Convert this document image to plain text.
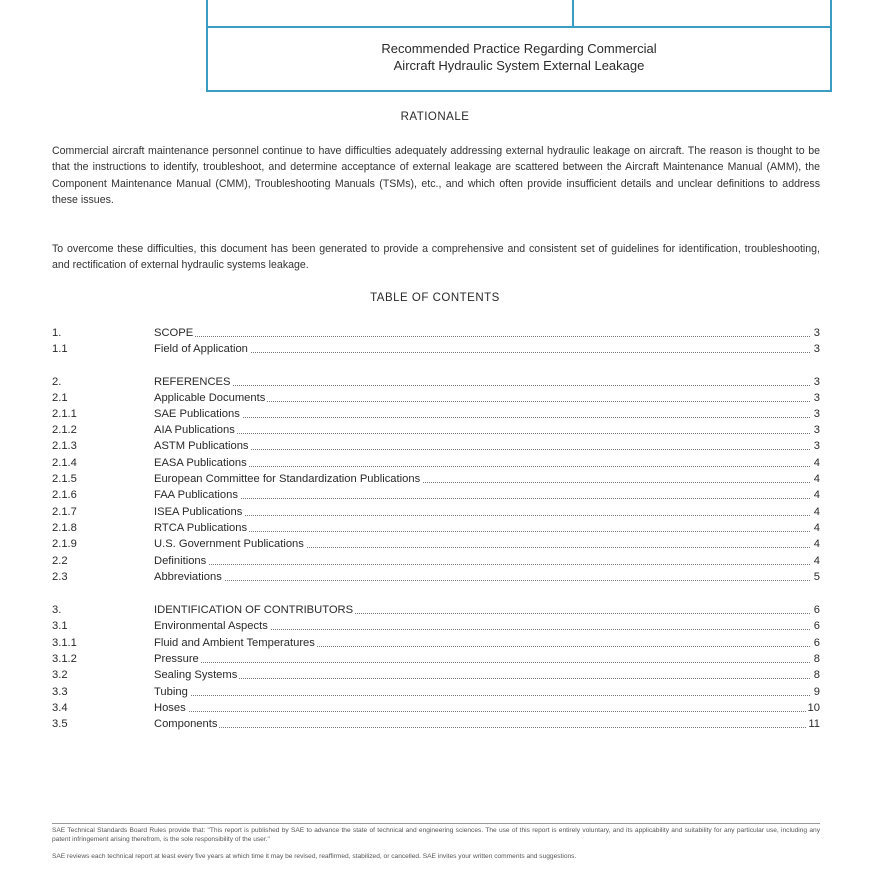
Recommended Practice Regarding Commercial
Aircraft Hydraulic System External Leakage
RATIONALE
Commercial aircraft maintenance personnel continue to have difficulties adequately addressing external hydraulic leakage on aircraft. The reason is thought to be that the instructions to identify, troubleshoot, and determine acceptance of external leakage are scattered between the Aircraft Maintenance Manual (AMM), the Component Maintenance Manual (CMM), Troubleshooting Manuals (TSMs), etc., and which often provide insufficient details and unclear definitions to address these issues.
To overcome these difficulties, this document has been generated to provide a comprehensive and consistent set of guidelines for identification, troubleshooting, and rectification of external hydraulic systems leakage.
TABLE OF CONTENTS
1.	SCOPE	3
1.1	Field of Application	3
2.	REFERENCES	3
2.1	Applicable Documents	3
2.1.1	SAE Publications	3
2.1.2	AIA Publications	3
2.1.3	ASTM Publications	3
2.1.4	EASA Publications	4
2.1.5	European Committee for Standardization Publications	4
2.1.6	FAA Publications	4
2.1.7	ISEA Publications	4
2.1.8	RTCA Publications	4
2.1.9	U.S. Government Publications	4
2.2	Definitions	4
2.3	Abbreviations	5
3.	IDENTIFICATION OF CONTRIBUTORS	6
3.1	Environmental Aspects	6
3.1.1	Fluid and Ambient Temperatures	6
3.1.2	Pressure	8
3.2	Sealing Systems	8
3.3	Tubing	9
3.4	Hoses	10
3.5	Components	11
SAE Technical Standards Board Rules provide that: "This report is published by SAE to advance the state of technical and engineering sciences. The use of this report is entirely voluntary, and its applicability and suitability for any particular use, including any patent infringement arising therefrom, is the sole responsibility of the user."
SAE reviews each technical report at least every five years at which time it may be revised, reaffirmed, stabilized, or cancelled. SAE invites your written comments and suggestions.
